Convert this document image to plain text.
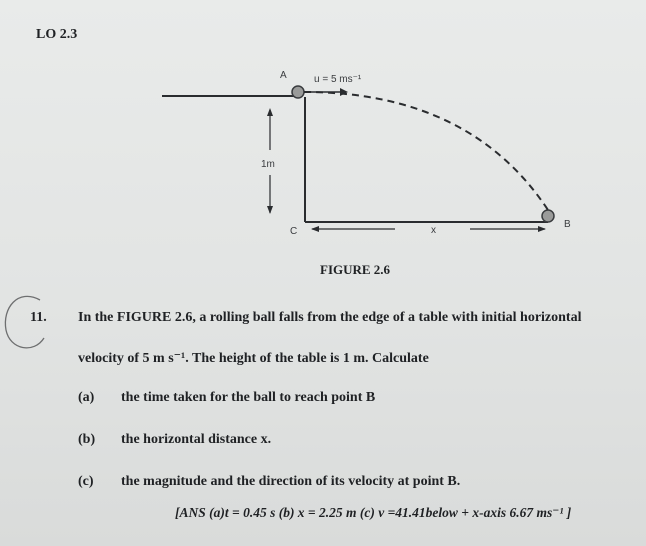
LO 2.3
A
B
C
u = 5 ms⁻¹
1m
x
FIGURE 2.6
11. In the FIGURE 2.6, a rolling ball falls from the edge of a table with initial horizontal
velocity of 5 m s⁻¹. The height of the table is 1 m. Calculate
(a) the time taken for the ball to reach point B
(b) the horizontal distance x.
(c) the magnitude and the direction of its velocity at point B.
[ANS (a)t = 0.45 s (b) x = 2.25 m (c) v =41.41below + x-axis 6.67 ms⁻¹ ]
